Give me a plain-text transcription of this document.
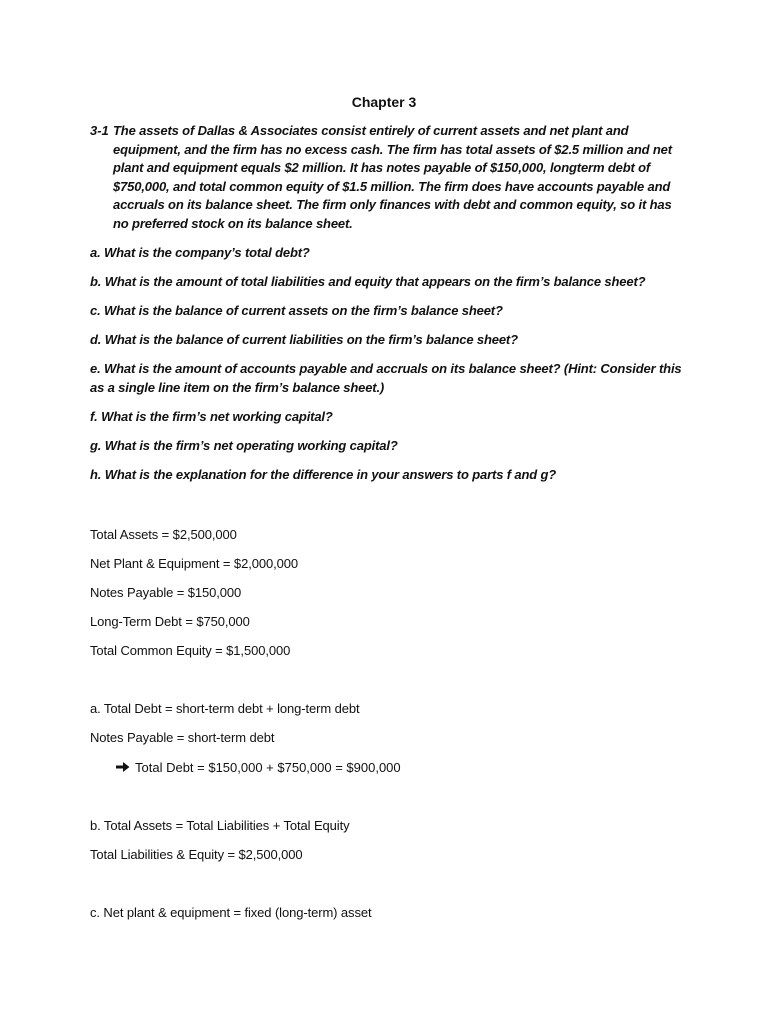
Chapter 3
3-1 The assets of Dallas & Associates consist entirely of current assets and net plant and equipment, and the firm has no excess cash. The firm has total assets of $2.5 million and net plant and equipment equals $2 million. It has notes payable of $150,000, longterm debt of $750,000, and total common equity of $1.5 million. The firm does have accounts payable and accruals on its balance sheet. The firm only finances with debt and common equity, so it has no preferred stock on its balance sheet.
a. What is the company’s total debt?
b. What is the amount of total liabilities and equity that appears on the firm’s balance sheet?
c. What is the balance of current assets on the firm’s balance sheet?
d. What is the balance of current liabilities on the firm’s balance sheet?
e. What is the amount of accounts payable and accruals on its balance sheet? (Hint: Consider this as a single line item on the firm’s balance sheet.)
f. What is the firm’s net working capital?
g. What is the firm’s net operating working capital?
h. What is the explanation for the difference in your answers to parts f and g?
Total Assets = $2,500,000
Net Plant & Equipment = $2,000,000
Notes Payable = $150,000
Long-Term Debt = $750,000
Total Common Equity = $1,500,000
a. Total Debt = short-term debt + long-term debt
Notes Payable = short-term debt
Total Debt = $150,000 + $750,000 = $900,000
b. Total Assets = Total Liabilities + Total Equity
Total Liabilities & Equity = $2,500,000
c. Net plant & equipment = fixed (long-term) asset
